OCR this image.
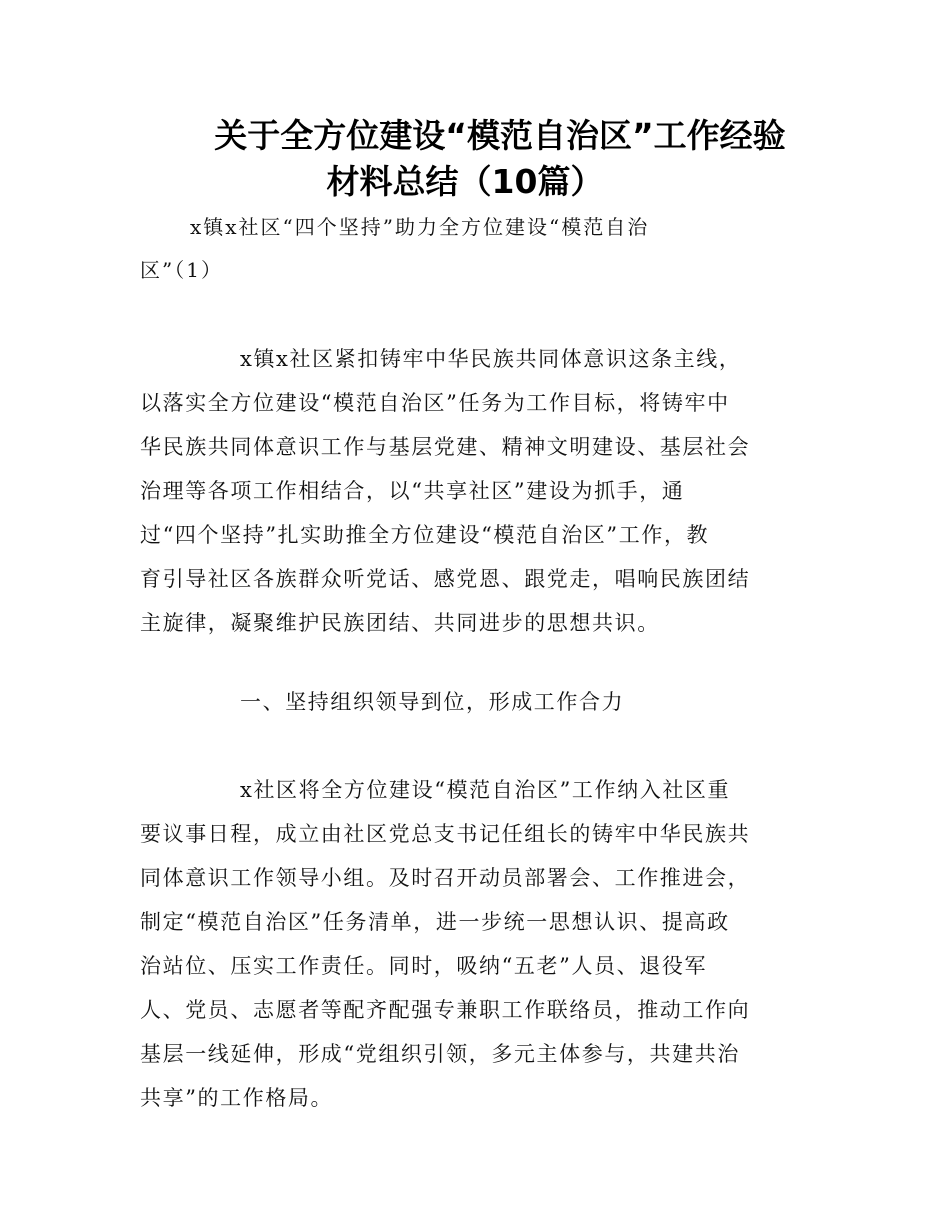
关于全方位建设“模范自治区”工作经验
材料总结（10篇）
x镇x社区“四个坚持”助力全方位建设“模范自治
区”（1）
x镇x社区紧扣铸牢中华民族共同体意识这条主线，
以落实全方位建设“模范自治区”任务为工作目标，将铸牢中
华民族共同体意识工作与基层党建、精神文明建设、基层社会
治理等各项工作相结合，以“共享社区”建设为抓手，通
过“四个坚持”扎实助推全方位建设“模范自治区”工作，教
育引导社区各族群众听党话、感党恩、跟党走，唱响民族团结
主旋律，凝聚维护民族团结、共同进步的思想共识。
一、坚持组织领导到位，形成工作合力
x社区将全方位建设“模范自治区”工作纳入社区重
要议事日程，成立由社区党总支书记任组长的铸牢中华民族共
同体意识工作领导小组。及时召开动员部署会、工作推进会，
制定“模范自治区”任务清单，进一步统一思想认识、提高政
治站位、压实工作责任。同时，吸纳“五老”人员、退役军
人、党员、志愿者等配齐配强专兼职工作联络员，推动工作向
基层一线延伸，形成“党组织引领，多元主体参与，共建共治
共享”的工作格局。
